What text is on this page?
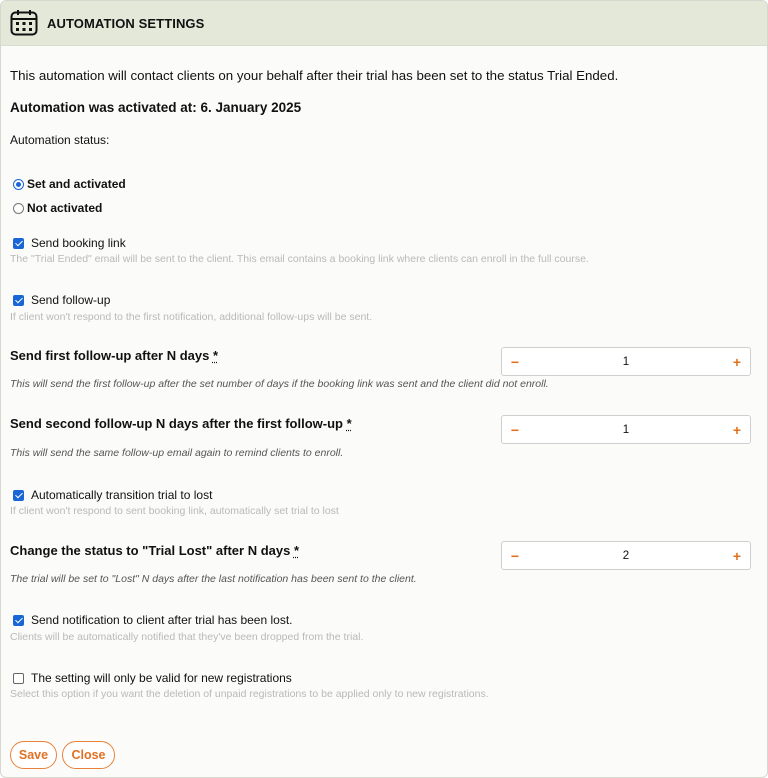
AUTOMATION SETTINGS
This automation will contact clients on your behalf after their trial has been set to the status Trial Ended.
Automation was activated at: 6. January 2025
Automation status:
Set and activated
Not activated
Send booking link
The "Trial Ended" email will be sent to the client. This email contains a booking link where clients can enroll in the full course.
Send follow-up
If client won't respond to the first notification, additional follow-ups will be sent.
Send first follow-up after N days *
This will send the first follow-up after the set number of days if the booking link was sent and the client did not enroll.
Send second follow-up N days after the first follow-up *
This will send the same follow-up email again to remind clients to enroll.
Automatically transition trial to lost
If client won't respond to sent booking link, automatically set trial to lost
Change the status to "Trial Lost" after N days *
The trial will be set to "Lost" N days after the last notification has been sent to the client.
Send notification to client after trial has been lost.
Clients will be automatically notified that they've been dropped from the trial.
The setting will only be valid for new registrations
Select this option if you want the deletion of unpaid registrations to be applied only to new registrations.
Save	Close
−	1	+
−	1	+
−	2	+
